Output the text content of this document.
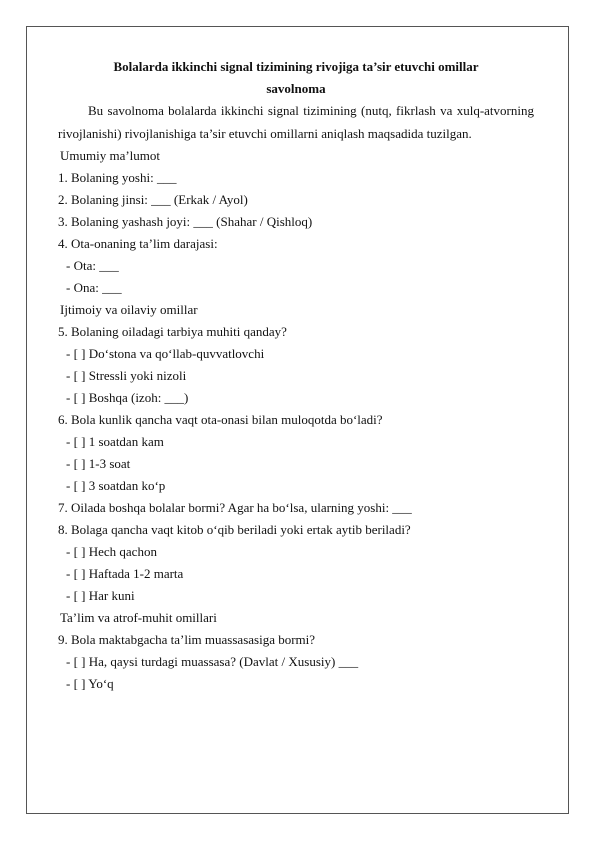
Bolalarda ikkinchi signal tizimining rivojiga ta’sir etuvchi omillar

savolnoma

Bu savolnoma bolalarda ikkinchi signal tizimining (nutq, fikrlash va xulq-atvorning rivojlanishi) rivojlanishiga ta’sir etuvchi omillarni aniqlash maqsadida tuzilgan.

Umumiy ma’lumot

1. Bolaning yoshi: ___

2. Bolaning jinsi: ___ (Erkak / Ayol)

3. Bolaning yashash joyi: ___ (Shahar / Qishloq)

4. Ota-onaning ta’lim darajasi:

- Ota: ___

- Ona: ___

Ijtimoiy va oilaviy omillar

5. Bolaning oiladagi tarbiya muhiti qanday?

- [ ] Do‘stona va qo‘llab-quvvatlovchi

- [ ] Stressli yoki nizoli

- [ ] Boshqa (izoh: ___)

6. Bola kunlik qancha vaqt ota-onasi bilan muloqotda bo‘ladi?

- [ ] 1 soatdan kam

- [ ] 1-3 soat

- [ ] 3 soatdan ko‘p

7. Oilada boshqa bolalar bormi? Agar ha bo‘lsa, ularning yoshi: ___

8. Bolaga qancha vaqt kitob o‘qib beriladi yoki ertak aytib beriladi?

- [ ] Hech qachon

- [ ] Haftada 1-2 marta

- [ ] Har kuni

Ta’lim va atrof-muhit omillari

9. Bola maktabgacha ta’lim muassasasiga bormi?

- [ ] Ha, qaysi turdagi muassasa? (Davlat / Xususiy) ___

- [ ] Yo‘q
